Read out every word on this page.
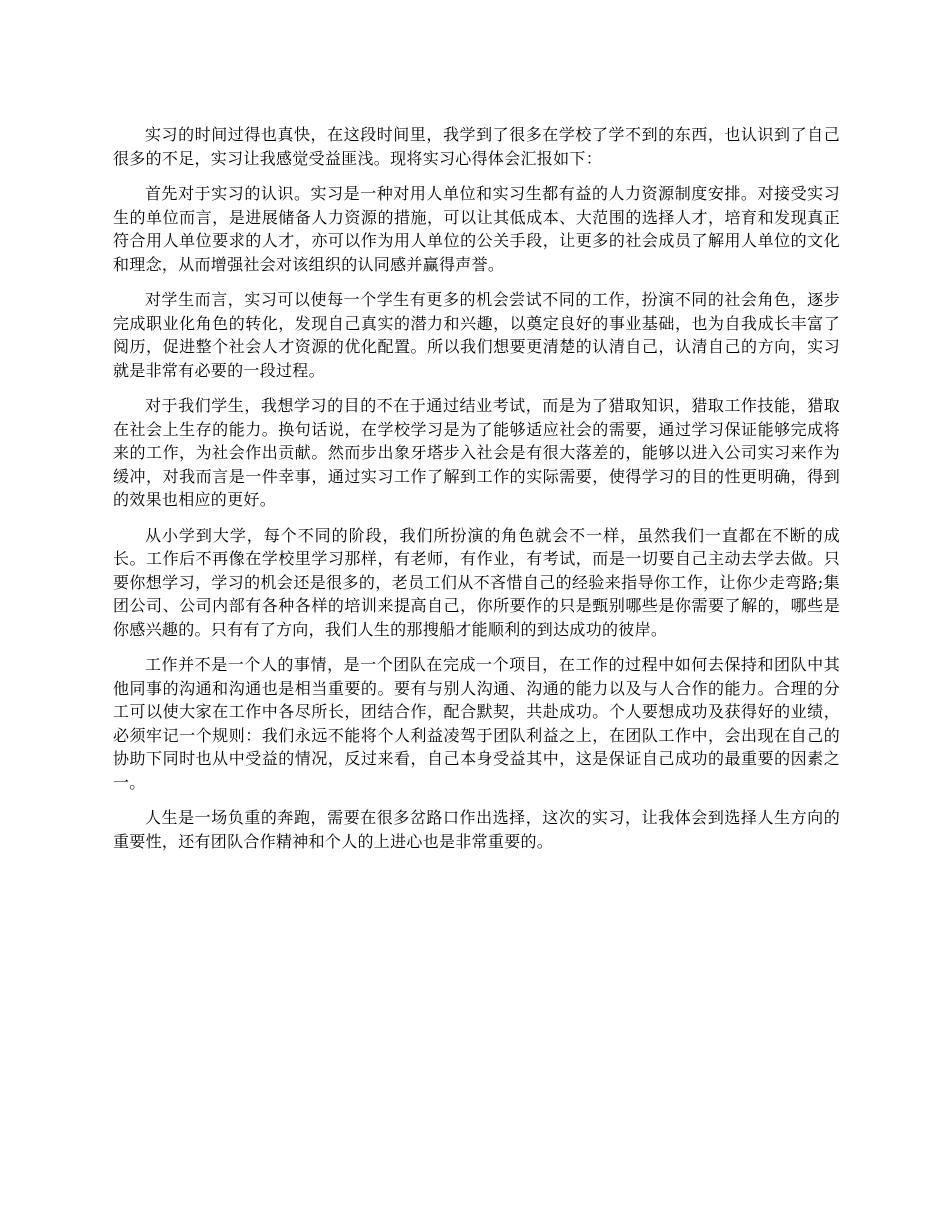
实习的时间过得也真快，在这段时间里，我学到了很多在学校了学不到的东西，也认识到了自己很多的不足，实习让我感觉受益匪浅。现将实习心得体会汇报如下：

首先对于实习的认识。实习是一种对用人单位和实习生都有益的人力资源制度安排。对接受实习生的单位而言，是进展储备人力资源的措施，可以让其低成本、大范围的选择人才，培育和发现真正符合用人单位要求的人才，亦可以作为用人单位的公关手段，让更多的社会成员了解用人单位的文化和理念，从而增强社会对该组织的认同感并赢得声誉。

对学生而言，实习可以使每一个学生有更多的机会尝试不同的工作，扮演不同的社会角色，逐步完成职业化角色的转化，发现自己真实的潜力和兴趣，以奠定良好的事业基础，也为自我成长丰富了阅历，促进整个社会人才资源的优化配置。所以我们想要更清楚的认清自己，认清自己的方向，实习就是非常有必要的一段过程。

对于我们学生，我想学习的目的不在于通过结业考试，而是为了猎取知识，猎取工作技能，猎取在社会上生存的能力。换句话说，在学校学习是为了能够适应社会的需要，通过学习保证能够完成将来的工作，为社会作出贡献。然而步出象牙塔步入社会是有很大落差的，能够以进入公司实习来作为缓冲，对我而言是一件幸事，通过实习工作了解到工作的实际需要，使得学习的目的性更明确，得到的效果也相应的更好。

从小学到大学，每个不同的阶段，我们所扮演的角色就会不一样，虽然我们一直都在不断的成长。工作后不再像在学校里学习那样，有老师，有作业，有考试，而是一切要自己主动去学去做。只要你想学习，学习的机会还是很多的，老员工们从不吝惜自己的经验来指导你工作，让你少走弯路;集团公司、公司内部有各种各样的培训来提高自己，你所要作的只是甄别哪些是你需要了解的，哪些是你感兴趣的。只有有了方向，我们人生的那搜船才能顺利的到达成功的彼岸。

工作并不是一个人的事情，是一个团队在完成一个项目，在工作的过程中如何去保持和团队中其他同事的沟通和沟通也是相当重要的。要有与别人沟通、沟通的能力以及与人合作的能力。合理的分工可以使大家在工作中各尽所长，团结合作，配合默契，共赴成功。个人要想成功及获得好的业绩，必须牢记一个规则：我们永远不能将个人利益凌驾于团队利益之上，在团队工作中，会出现在自己的协助下同时也从中受益的情况，反过来看，自己本身受益其中，这是保证自己成功的最重要的因素之一。

人生是一场负重的奔跑，需要在很多岔路口作出选择，这次的实习，让我体会到选择人生方向的重要性，还有团队合作精神和个人的上进心也是非常重要的。
